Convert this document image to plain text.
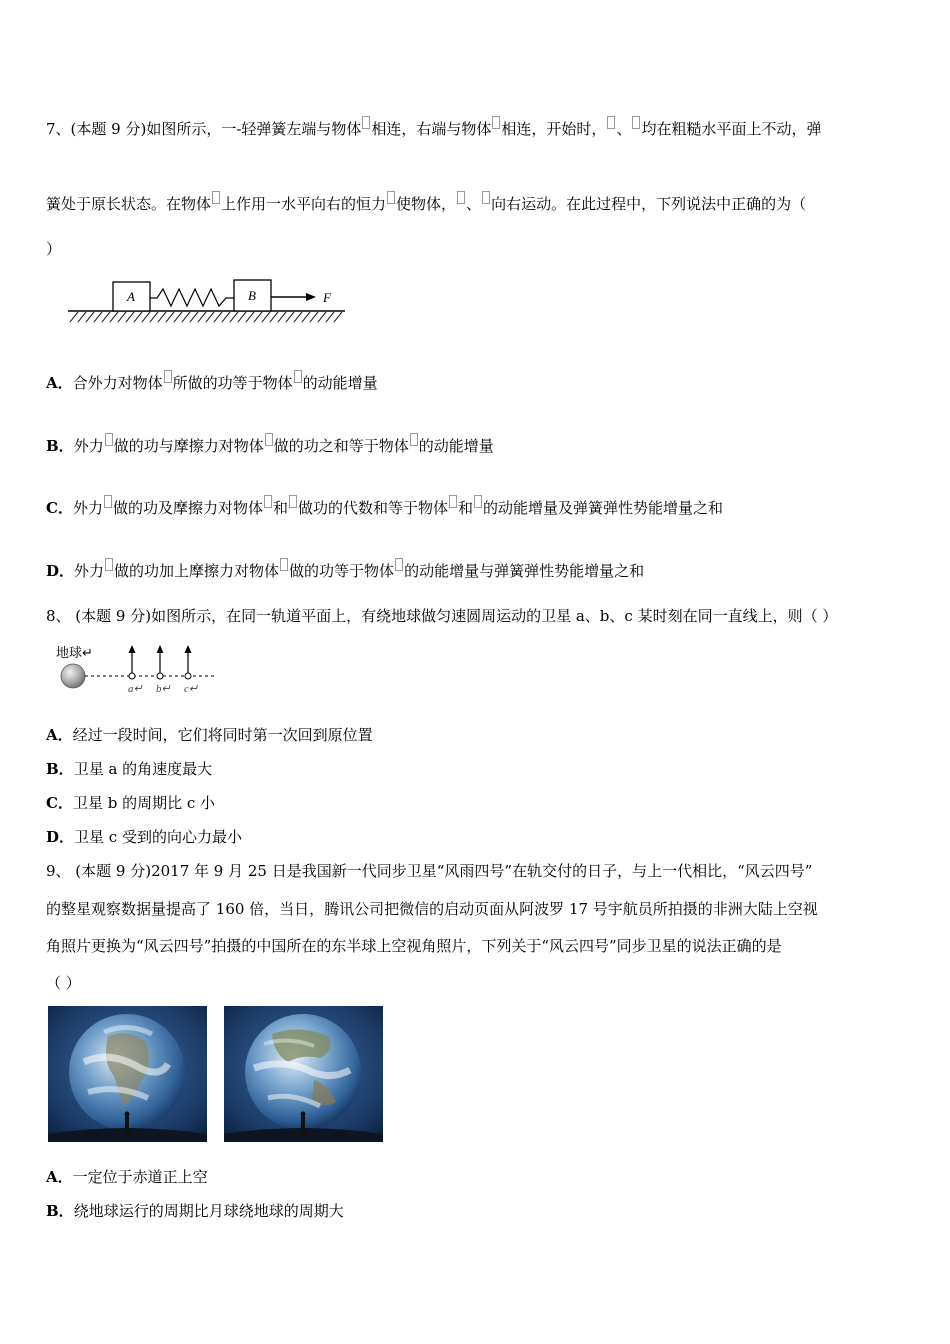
7、(本题 9 分)如图所示，一-轻弹簧左端与物体 相连，右端与物体 相连，开始时， 、 均在粗糙水平面上不动，弹
簧处于原长状态。在物体 上作用一水平向右的恒力 使物体， 、 向右运动。在此过程中，下列说法中正确的为（
）
A	B	F
A．合外力对物体 所做的功等于物体 的动能增量
B．外力 做的功与摩擦力对物体 做的功之和等于物体 的动能增量
C．外力 做的功及摩擦力对物体 和 做功的代数和等于物体 和 的动能增量及弹簧弹性势能增量之和
D．外力 做的功加上摩擦力对物体 做的功等于物体 的动能增量与弹簧弹性势能增量之和
8、 (本题 9 分)如图所示，在同一轨道平面上，有绕地球做匀速圆周运动的卫星 a、b、c 某时刻在同一直线上，则（ ）
地球↵
a↵ b↵ c↵
A．经过一段时间，它们将同时第一次回到原位置
B．卫星 a 的角速度最大
C．卫星 b 的周期比 c 小
D．卫星 c 受到的向心力最小
9、 (本题 9 分)2017 年 9 月 25 日是我国新一代同步卫星“风雨四号”在轨交付的日子，与上一代相比，“风云四号”
的整星观察数据量提高了 160 倍，当日，腾讯公司把微信的启动页面从阿波罗 17 号宇航员所拍摄的非洲大陆上空视
角照片更换为“风云四号”拍摄的中国所在的东半球上空视角照片，下列关于“风云四号”同步卫星的说法正确的是
（ ）
A．一定位于赤道正上空
B．绕地球运行的周期比月球绕地球的周期大
